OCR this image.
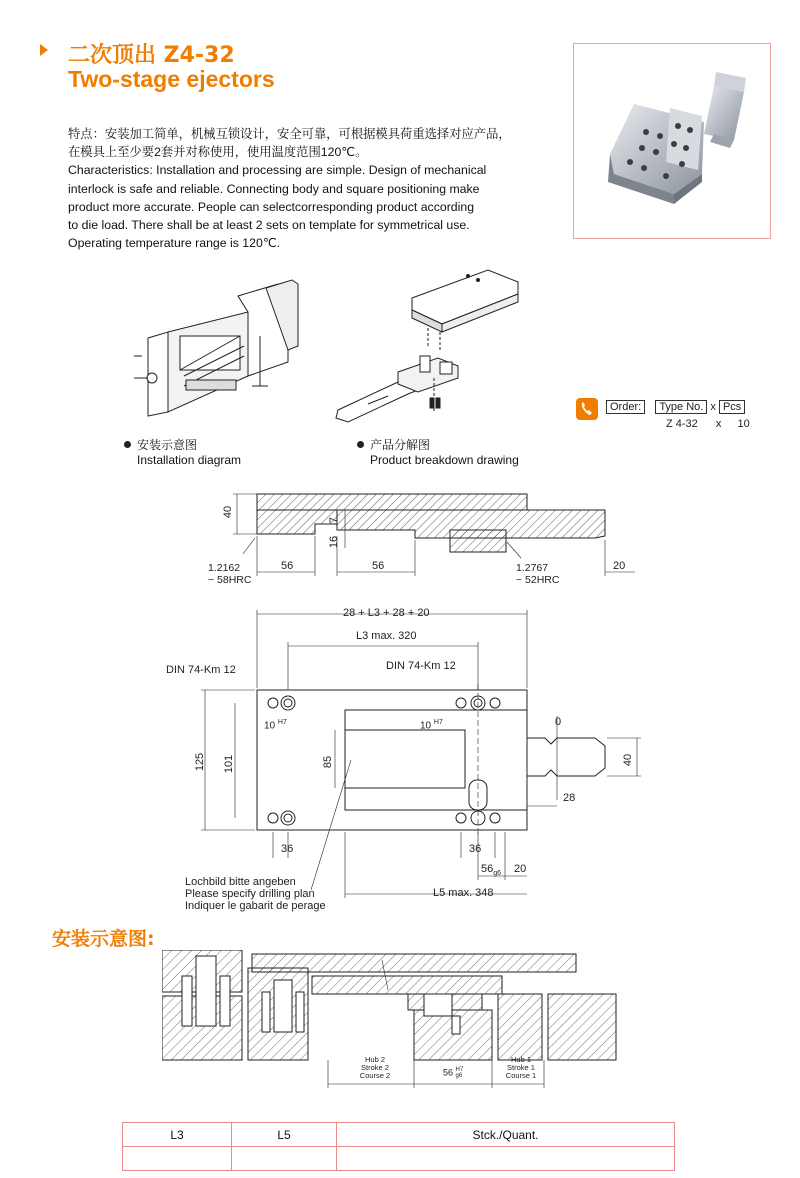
二次顶出 Z4-32
Two-stage ejectors
特点：安装加工简单，机械互锁设计，安全可靠，可根据模具荷重选择对应产品，
在模具上至少要2套并对称使用，使用温度范围120℃。
Characteristics: Installation and processing are simple. Design of mechanical
interlock is safe and reliable. Connecting body and square positioning make
product more accurate. People can selectcorresponding product according
to die load. There shall be at least 2 sets on template for symmetrical use.
Operating temperature range is 120℃.
安装示意图
Installation diagram
产品分解图
Product breakdown drawing
Order: Type No. x Pcs
Z 4-32 x 10
40
7
16
56	56	20
1.2162
~ 58HRC
1.2767
~ 52HRC
28 + L3 + 28 + 20
L3 max. 320
DIN 74-Km 12	DIN 74-Km 12
10 $^{H7}$	10 $^{H7}$
125 101	85
0
40
28
36	36
$56_{g6}$ 20
L5 max. 348
Lochbild bitte angeben
Please specify drilling plan
Indiquer le gabarit de perage
安装示意图:
Hub 2
Stroke 2
Course 2	56 H7
g6
Hub 1
Stroke 1
Course 1
L3	L5	Stck./Quant.
